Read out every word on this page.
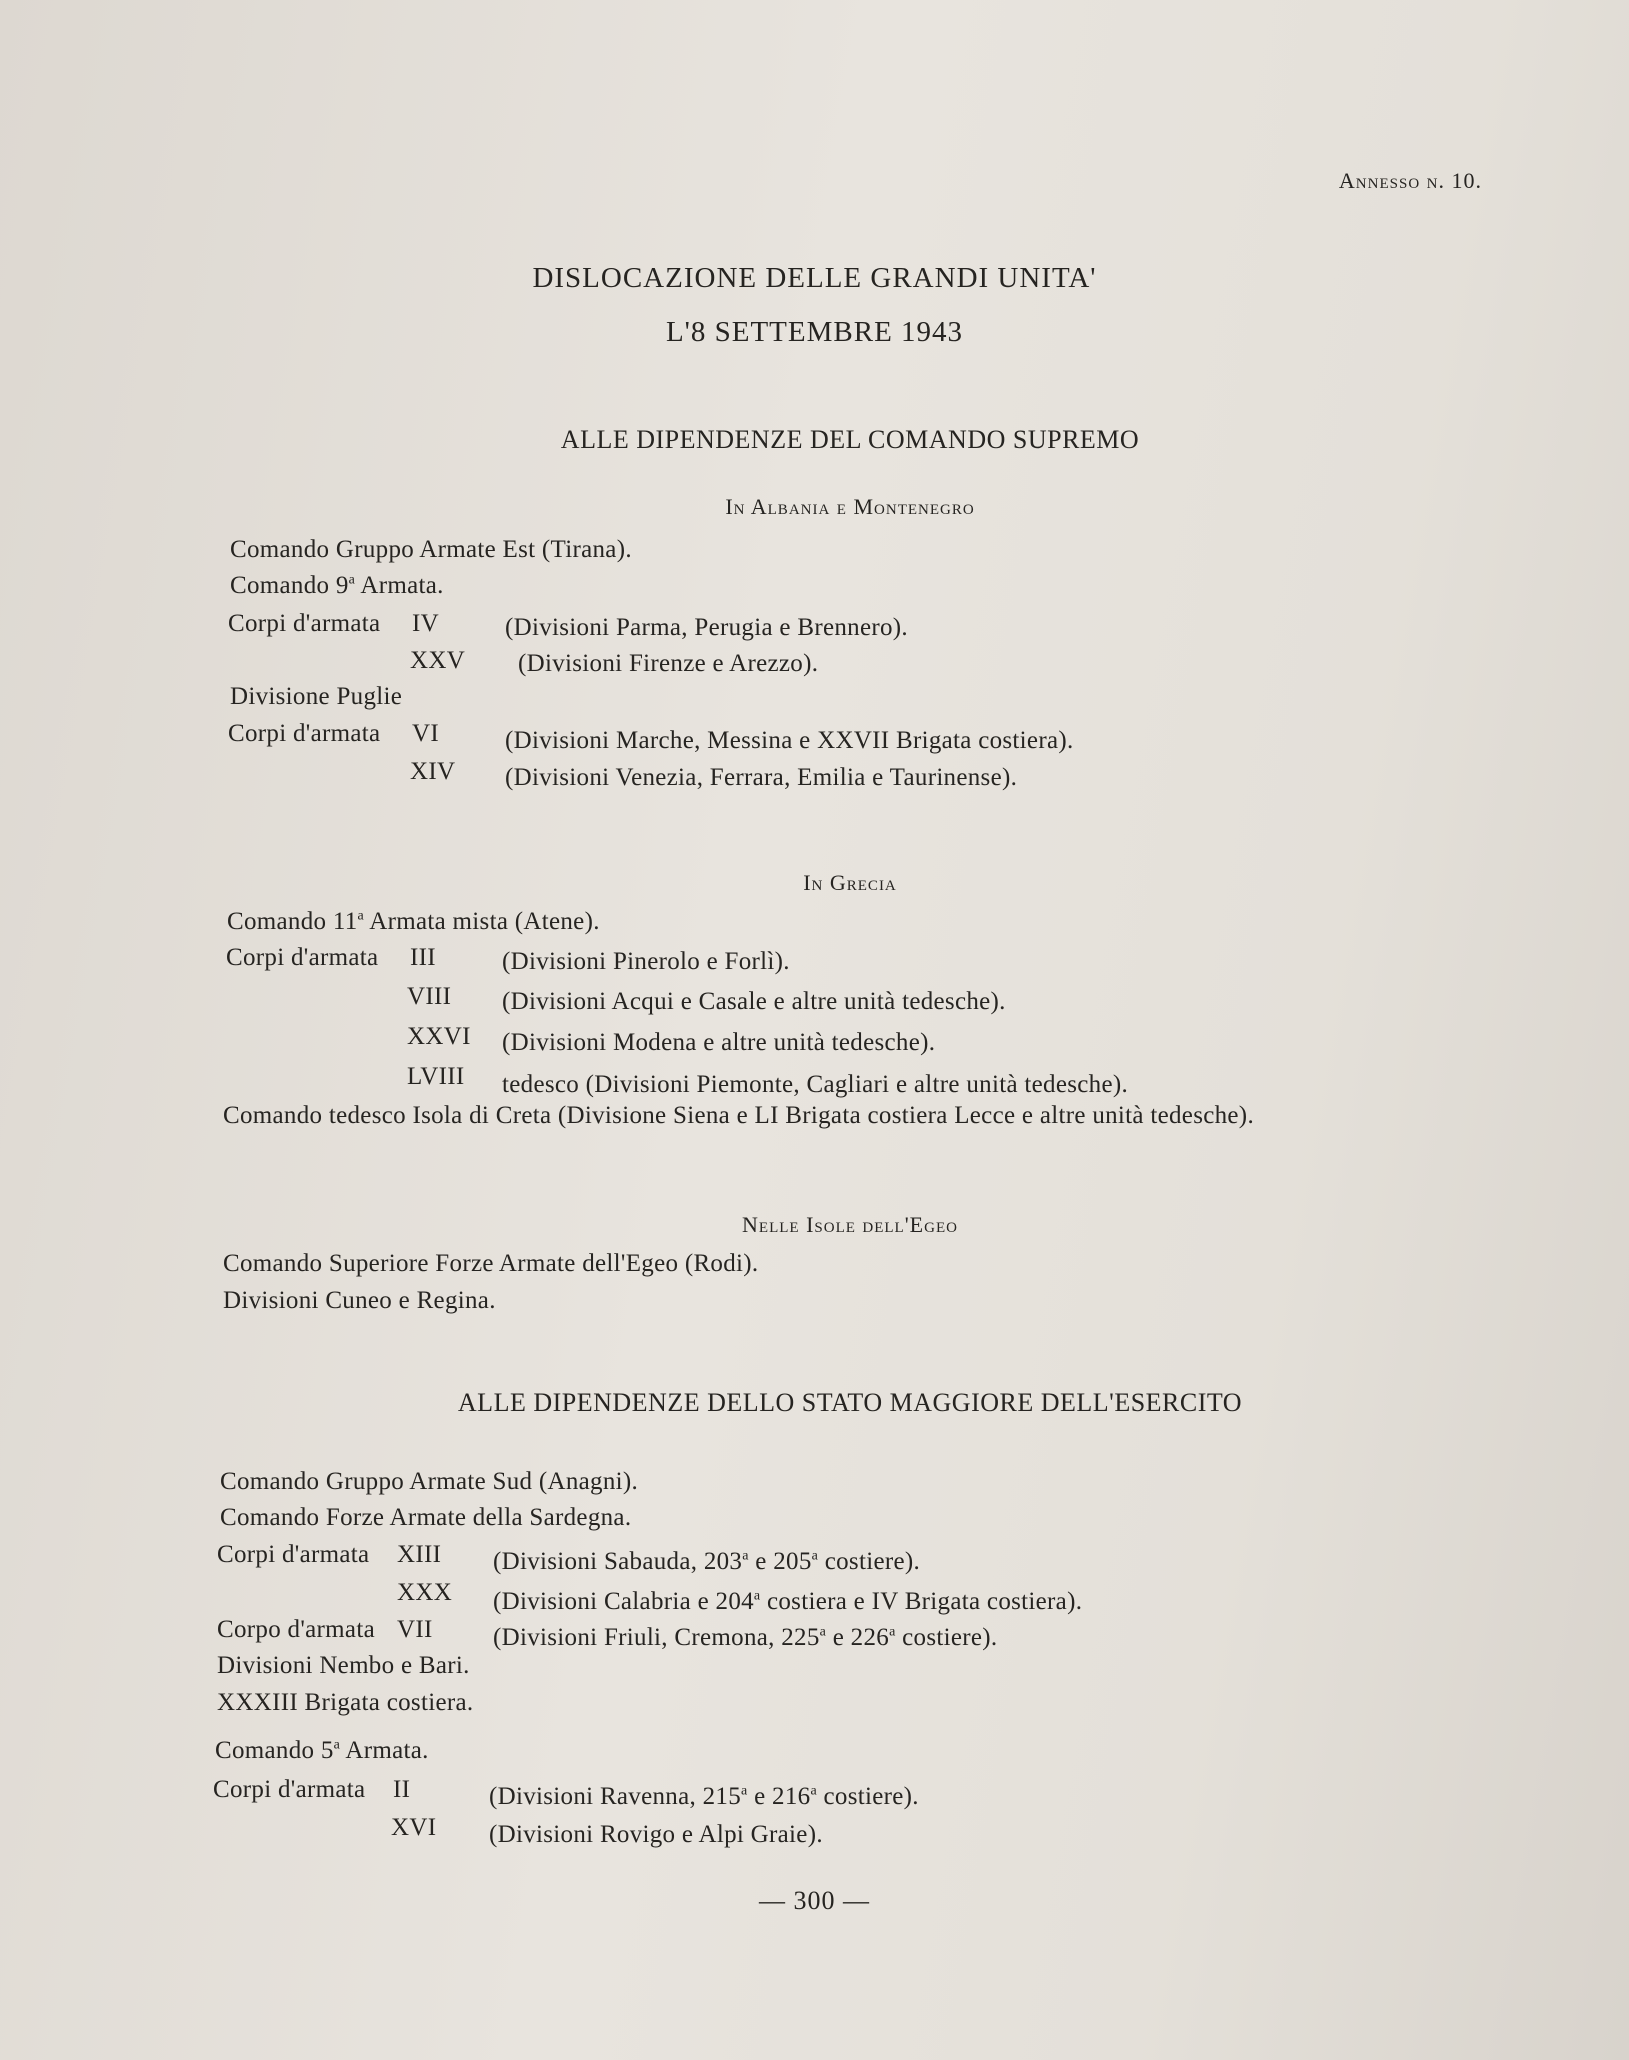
Annesso n. 10.
DISLOCAZIONE DELLE GRANDI UNITA'
L'8 SETTEMBRE 1943
ALLE DIPENDENZE DEL COMANDO SUPREMO
In Albania e Montenegro
Comando Gruppo Armate Est (Tirana).
Comando 9$^a$ Armata.
Corpi d'armata IV	(Divisioni Parma, Perugia e Brennero).
XXV (Divisioni Firenze e Arezzo).
Divisione Puglie
Corpi d'armata VI	(Divisioni Marche, Messina e XXVII Brigata costiera).
XIV (Divisioni Venezia, Ferrara, Emilia e Taurinense).
In Grecia
Comando 11$^a$ Armata mista (Atene).
Corpi d'armata III	(Divisioni Pinerolo e Forlì).
VIII (Divisioni Acqui e Casale e altre unità tedesche).
XXVI (Divisioni Modena e altre unità tedesche).
LVIII tedesco (Divisioni Piemonte, Cagliari e altre unità tedesche).
Comando tedesco Isola di Creta (Divisione Siena e LI Brigata costiera Lecce e altre unità tedesche).
Nelle Isole dell'Egeo
Comando Superiore Forze Armate dell'Egeo (Rodi).
Divisioni Cuneo e Regina.
ALLE DIPENDENZE DELLO STATO MAGGIORE DELL'ESERCITO
Comando Gruppo Armate Sud (Anagni).
Comando Forze Armate della Sardegna.
Corpi d'armata XIII (Divisioni Sabauda, 203$^a$ e 205$^a$ costiere).
XXX (Divisioni Calabria e 204$^a$ costiera e IV Brigata costiera).
Corpo d'armata VII (Divisioni Friuli, Cremona, 225$^a$ e 226$^a$ costiere).
Divisioni Nembo e Bari.
XXXIII Brigata costiera.
Comando 5$^a$ Armata.
Corpi d'armata II	(Divisioni Ravenna, 215$^a$ e 216$^a$ costiere).
XVI (Divisioni Rovigo e Alpi Graie).
— 300 —
